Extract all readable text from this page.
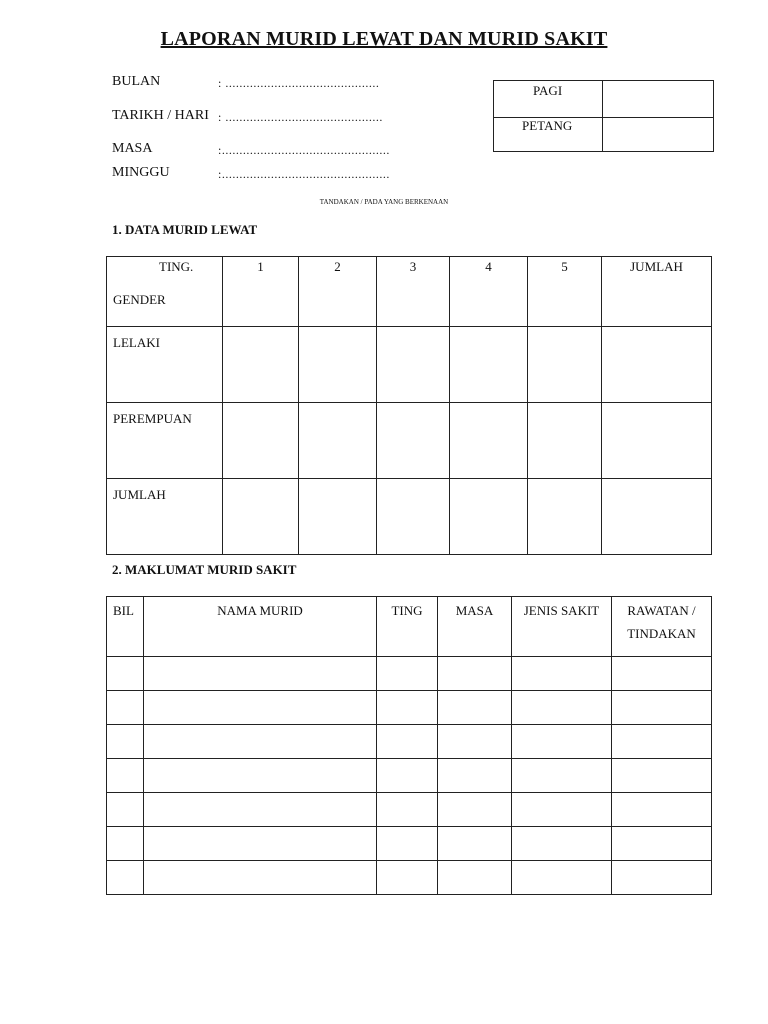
LAPORAN MURID LEWAT DAN MURID SAKIT
BULAN	: ............................................
TARIKH / HARI : .............................................
MASA	:................................................
MINGGU	:................................................
PAGI	
PETANG	
TANDAKAN / PADA YANG BERKENAAN
1. DATA MURID LEWAT
TING.
GENDER	1	2	3	4	5	JUMLAH
LELAKI						
PEREMPUAN						
JUMLAH						
2. MAKLUMAT MURID SAKIT
BIL	NAMA MURID	TING	MASA	JENIS SAKIT	RAWATAN /
TINDAKAN
